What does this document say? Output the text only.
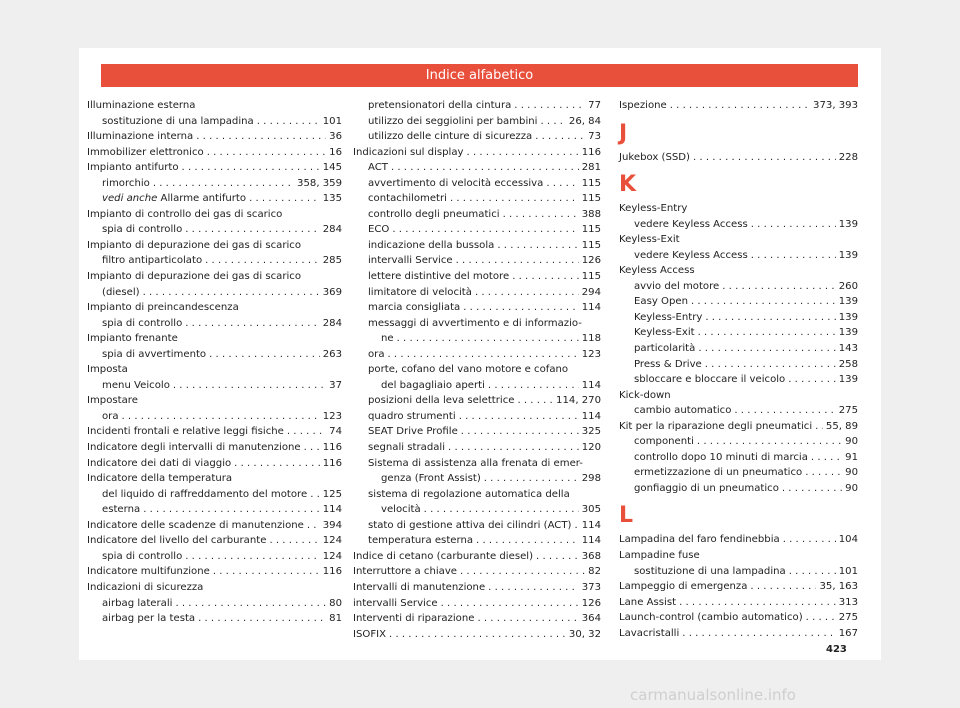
Indice alfabetico
Illuminazione esterna
sostituzione di una lampadina . . .	101
Illuminazione interna . . .	36
Immobilizer elettronico . . .	16
Impianto antifurto . . .	145
rimorchio . . .	358, 359
vedi anche Allarme antifurto . . .	135
Impianto di controllo dei gas di scarico
spia di controllo . . .	284
Impianto di depurazione dei gas di scarico
filtro antiparticolato . . .	285
Impianto di depurazione dei gas di scarico
(diesel) . . .	369
Impianto di preincandescenza
spia di controllo . . .	284
Impianto frenante
spia di avvertimento . . .	263
Imposta
menu Veicolo . . .	37
Impostare
ora . . .	123
Incidenti frontali e relative leggi fisiche . . .	74
Indicatore degli intervalli di manutenzione . . . 116
Indicatore dei dati di viaggio . . .	116
Indicatore della temperatura
del liquido di raffreddamento del motore . . . 125
esterna . . .	114
Indicatore delle scadenze di manutenzione . . . 394
Indicatore del livello del carburante . . .	124
spia di controllo . . .	124
Indicatore multifunzione . . .	116
Indicazioni di sicurezza
airbag laterali . . .	80
airbag per la testa . . .	81
pretensionatori della cintura . . .	77
utilizzo dei seggiolini per bambini . . .	26, 84
utilizzo delle cinture di sicurezza . . .	73
Indicazioni sul display . . .	116
ACT . . .	281
avvertimento di velocità eccessiva . . .	115
contachilometri . . .	115
controllo degli pneumatici . . .	388
ECO . . .	115
indicazione della bussola . . .	115
intervalli Service . . .	126
lettere distintive del motore . . .	115
limitatore di velocità . . .	294
marcia consigliata . . .	114
messaggi di avvertimento e di informazio-
ne . . .	118
ora . . .	123
porte, cofano del vano motore e cofano
del bagagliaio aperti . . .	114
posizioni della leva selettrice . . .	114, 270
quadro strumenti . . .	114
SEAT Drive Profile . . .	325
segnali stradali . . .	120
Sistema di assistenza alla frenata di emer-
genza (Front Assist) . . .	298
sistema di regolazione automatica della
velocità . . .	305
stato di gestione attiva dei cilindri (ACT) . . . 114
temperatura esterna . . .	114
Indice di cetano (carburante diesel) . . .	368
Interruttore a chiave . . .	82
Intervalli di manutenzione . . .	373
intervalli Service . . .	126
Interventi di riparazione . . .	364
ISOFIX . . .	30, 32
Ispezione . . .	373, 393
J
Jukebox (SSD) . . .	228
K
Keyless-Entry
vedere Keyless Access . . .	139
Keyless-Exit
vedere Keyless Access . . .	139
Keyless Access
avvio del motore . . .	260
Easy Open . . .	139
Keyless-Entry . . .	139
Keyless-Exit . . .	139
particolarità . . .	143
Press & Drive . . .	258
sbloccare e bloccare il veicolo . . .	139
Kick-down
cambio automatico . . .	275
Kit per la riparazione degli pneumatici . . . 55, 89
componenti . . .	90
controllo dopo 10 minuti di marcia . . .	91
ermetizzazione di un pneumatico . . .	90
gonfiaggio di un pneumatico . . .	90
L
Lampadina del faro fendinebbia . . .	104
Lampadine fuse
sostituzione di una lampadina . . .	101
Lampeggio di emergenza . . .	35, 163
Lane Assist . . .	313
Launch-control (cambio automatico) . . .	275
Lavacristalli . . .	167
423
carmanualsonline.info
